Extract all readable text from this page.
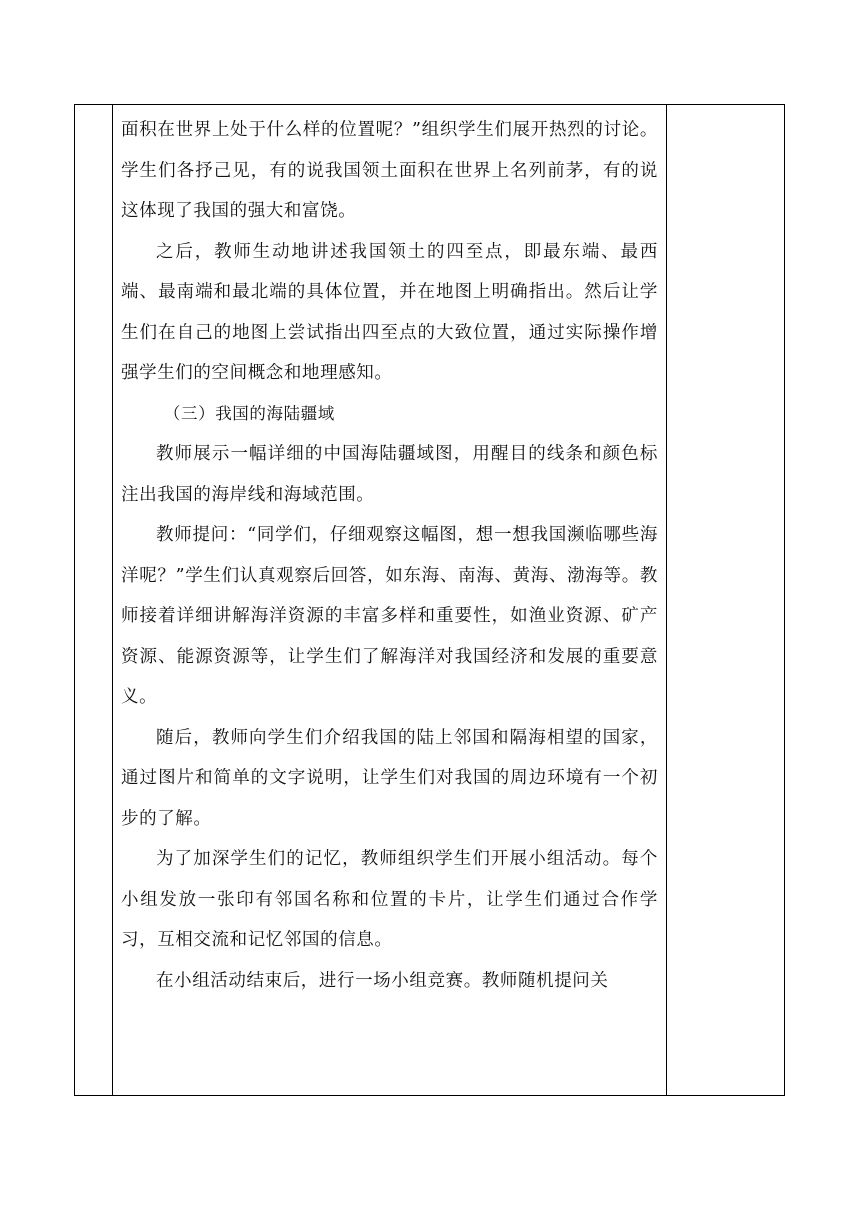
面积在世界上处于什么样的位置呢？”组织学生们展开热烈的讨论。学生们各抒己见，有的说我国领土面积在世界上名列前茅，有的说这体现了我国的强大和富饶。

之后，教师生动地讲述我国领土的四至点，即最东端、最西端、最南端和最北端的具体位置，并在地图上明确指出。然后让学生们在自己的地图上尝试指出四至点的大致位置，通过实际操作增强学生们的空间概念和地理感知。

（三）我国的海陆疆域

教师展示一幅详细的中国海陆疆域图，用醒目的线条和颜色标注出我国的海岸线和海域范围。

教师提问：“同学们，仔细观察这幅图，想一想我国濒临哪些海洋呢？”学生们认真观察后回答，如东海、南海、黄海、渤海等。教师接着详细讲解海洋资源的丰富多样和重要性，如渔业资源、矿产资源、能源资源等，让学生们了解海洋对我国经济和发展的重要意义。

随后，教师向学生们介绍我国的陆上邻国和隔海相望的国家，通过图片和简单的文字说明，让学生们对我国的周边环境有一个初步的了解。

为了加深学生们的记忆，教师组织学生们开展小组活动。每个小组发放一张印有邻国名称和位置的卡片，让学生们通过合作学习，互相交流和记忆邻国的信息。

在小组活动结束后，进行一场小组竞赛。教师随机提问关
